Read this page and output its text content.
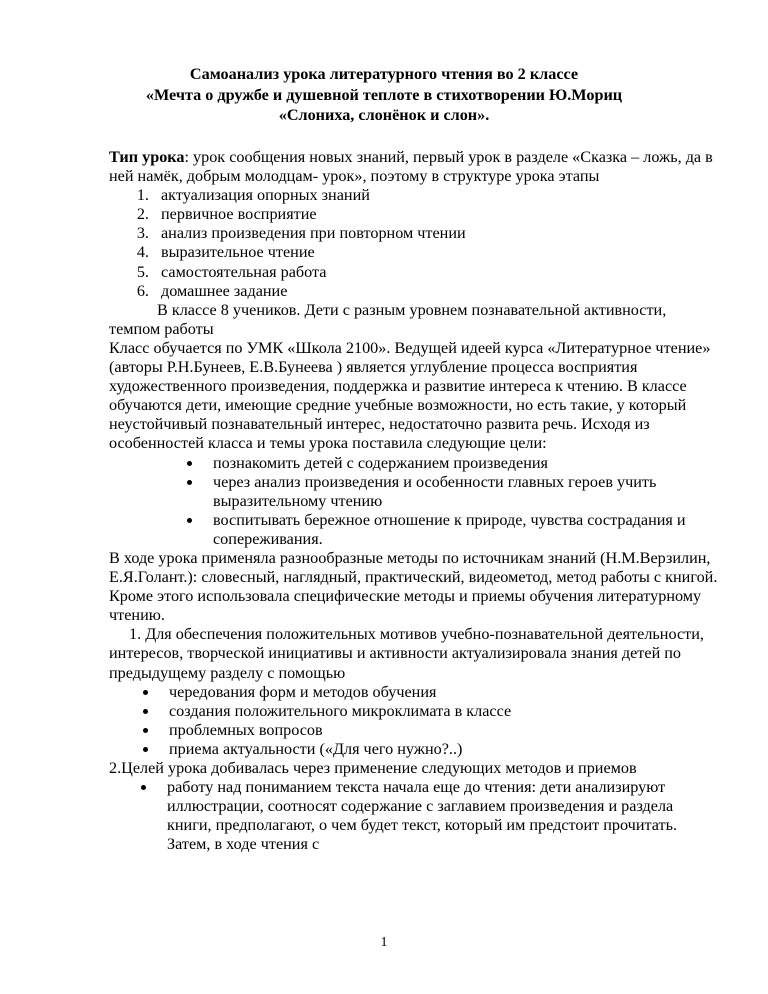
Самоанализ урока литературного чтения во 2 классе
«Мечта о дружбе и душевной теплоте в стихотворении Ю.Мориц
«Слониха, слонёнок и слон».

Тип урока: урок сообщения новых знаний, первый урок в разделе «Сказка – ложь, да в ней намёк, добрым молодцам- урок», поэтому в структуре урока этапы

1. актуализация опорных знаний
2. первичное восприятие
3. анализ произведения при повторном чтении
4. выразительное чтение
5. самостоятельная работа
6. домашнее задание

В классе 8 учеников. Дети с разным уровнем познавательной активности, темпом работы

Класс обучается по УМК «Школа 2100». Ведущей идеей курса «Литературное чтение» (авторы Р.Н.Бунеев, Е.В.Бунеева ) является углубление процесса восприятия художественного произведения, поддержка и развитие интереса к чтению. В классе обучаются дети, имеющие средние учебные возможности, но есть такие, у который неустойчивый познавательный интерес, недостаточно развита речь. Исходя из особенностей класса и темы урока поставила следующие цели:

• познакомить детей с содержанием произведения
• через анализ произведения и особенности главных героев учить выразительному чтению
• воспитывать бережное отношение к природе, чувства сострадания и сопереживания.

В ходе урока применяла разнообразные методы по источникам знаний (Н.М.Верзилин, Е.Я.Голант.): словесный, наглядный, практический, видеометод, метод работы с книгой. Кроме этого использовала специфические методы и приемы обучения литературному чтению.

1. Для обеспечения положительных мотивов учебно-познавательной деятельности, интересов, творческой инициативы и активности актуализировала знания детей по предыдущему разделу с помощью

• чередования форм и методов обучения
• создания положительного микроклимата в классе
• проблемных вопросов
• приема актуальности («Для чего нужно?..)

2.Целей урока добивалась через применение следующих методов и приемов

• работу над пониманием текста начала еще до чтения: дети анализируют иллюстрации, соотносят содержание с заглавием произведения и раздела книги, предполагают, о чем будет текст, который им предстоит прочитать. Затем, в ходе чтения с
1
